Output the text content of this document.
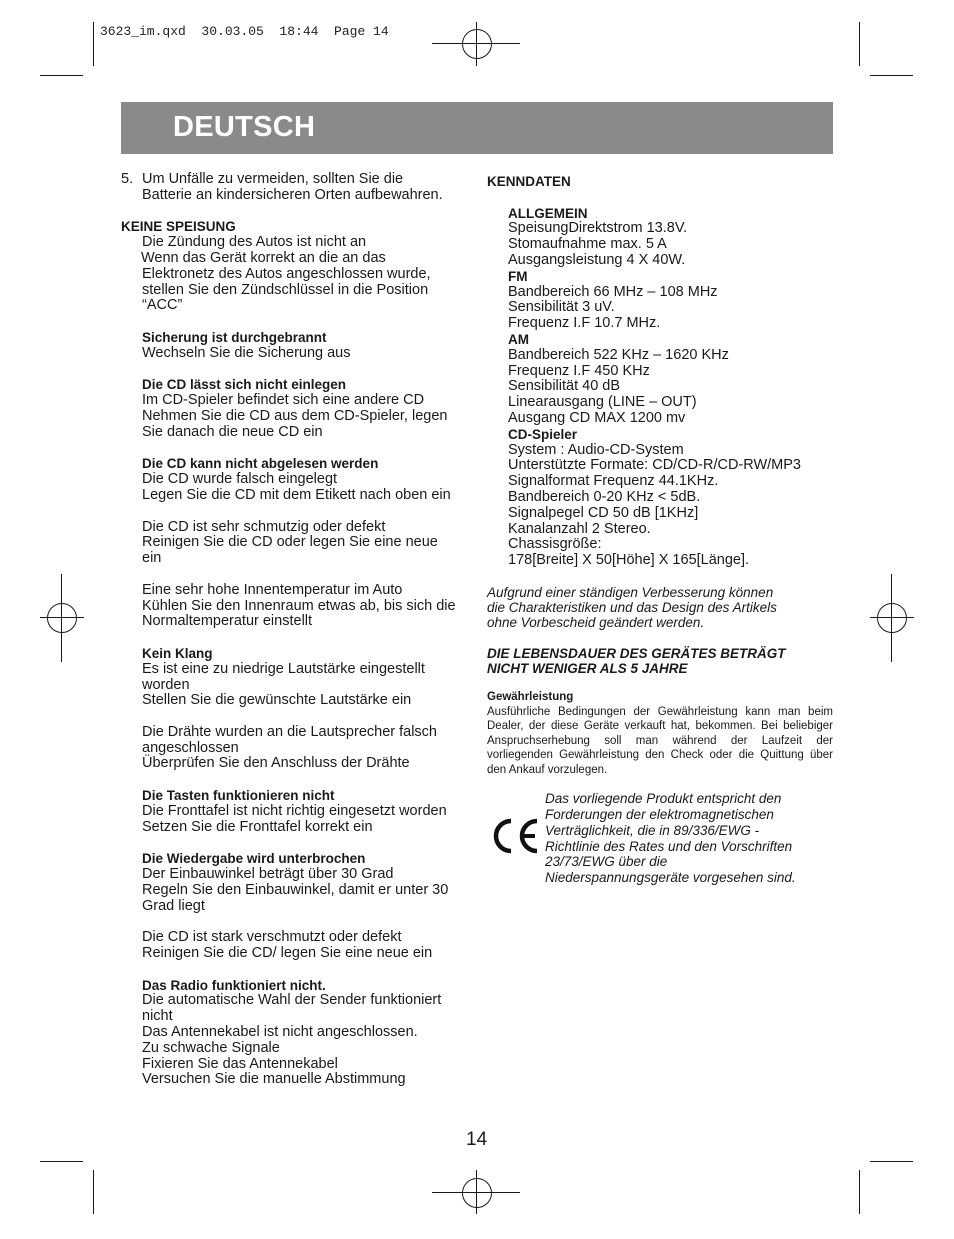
3623_im.qxd  30.03.05  18:44  Page 14
DEUTSCH
5. Um Unfälle zu vermeiden, sollten Sie die
Batterie an kindersicheren Orten aufbewahren.
KEINE SPEISUNG
Die Zündung des Autos ist nicht an
Wenn das Gerät korrekt an die an das
Elektronetz des Autos angeschlossen wurde,
stellen Sie den Zündschlüssel in die Position
“ACC”
Sicherung ist durchgebrannt
Wechseln Sie die Sicherung aus
Die CD lässt sich nicht einlegen
Im CD-Spieler befindet sich eine andere CD
Nehmen Sie die CD aus dem CD-Spieler, legen
Sie danach die neue CD ein
Die CD kann nicht abgelesen werden
Die CD wurde falsch eingelegt
Legen Sie die CD mit dem Etikett nach oben ein
Die CD ist sehr schmutzig oder defekt
Reinigen Sie die CD oder legen Sie eine neue
ein
Eine sehr hohe Innentemperatur im Auto
Kühlen Sie den Innenraum etwas ab, bis sich die
Normaltemperatur einstellt
Kein Klang
Es ist eine zu niedrige Lautstärke eingestellt
worden
Stellen Sie die gewünschte Lautstärke ein
Die Drähte wurden an die Lautsprecher falsch
angeschlossen
Überprüfen Sie den Anschluss der Drähte
Die Tasten funktionieren nicht
Die Fronttafel ist nicht richtig eingesetzt worden
Setzen Sie die Fronttafel korrekt ein
Die Wiedergabe wird unterbrochen
Der Einbauwinkel beträgt über 30 Grad
Regeln Sie den Einbauwinkel, damit er unter 30
Grad liegt
Die CD ist stark verschmutzt oder defekt
Reinigen Sie die CD/ legen Sie eine neue ein
Das Radio funktioniert nicht.
Die automatische Wahl der Sender funktioniert
nicht
Das Antennekabel ist nicht angeschlossen.
Zu schwache Signale
Fixieren Sie das Antennekabel
Versuchen Sie die manuelle Abstimmung
KENNDATEN
ALLGEMEIN
SpeisungDirektstrom 13.8V.
Stomaufnahme max. 5 A
Ausgangsleistung 4 X 40W.
FM
Bandbereich 66 MHz – 108 MHz
Sensibilität 3 uV.
Frequenz I.F 10.7 MHz.
AM
Bandbereich 522 KHz – 1620 KHz
Frequenz I.F 450 KHz
Sensibilität 40 dB
Linearausgang (LINE – OUT)
Ausgang CD MAX 1200 mv
CD-Spieler
System : Audio-CD-System
Unterstützte Formate: CD/CD-R/CD-RW/MP3
Signalformat Frequenz 44.1KHz.
Bandbereich 0-20 KHz < 5dB.
Signalpegel CD 50 dB [1KHz]
Kanalanzahl 2 Stereo.
Chassisgröße:
178[Breite] X 50[Höhe] X 165[Länge].
Aufgrund einer ständigen Verbesserung können
die Charakteristiken und das Design des Artikels
ohne Vorbescheid geändert werden.
DIE LEBENSDAUER DES GERÄTES BETRÄGT
NICHT WENIGER ALS 5 JAHRE
Gewährleistung
Ausführliche Bedingungen der Gewährleistung kann man beim Dealer, der diese Geräte verkauft hat, bekommen. Bei beliebiger Anspruchserhebung soll man während der Laufzeit der vorliegenden Gewährleistung den Check oder die Quittung über den Ankauf vorzulegen.
Das vorliegende Produkt entspricht den
Forderungen der elektromagnetischen
Verträglichkeit, die in 89/336/EWG -
Richtlinie des Rates und den Vorschriften
23/73/EWG über die
Niederspannungsgeräte vorgesehen sind.
14
